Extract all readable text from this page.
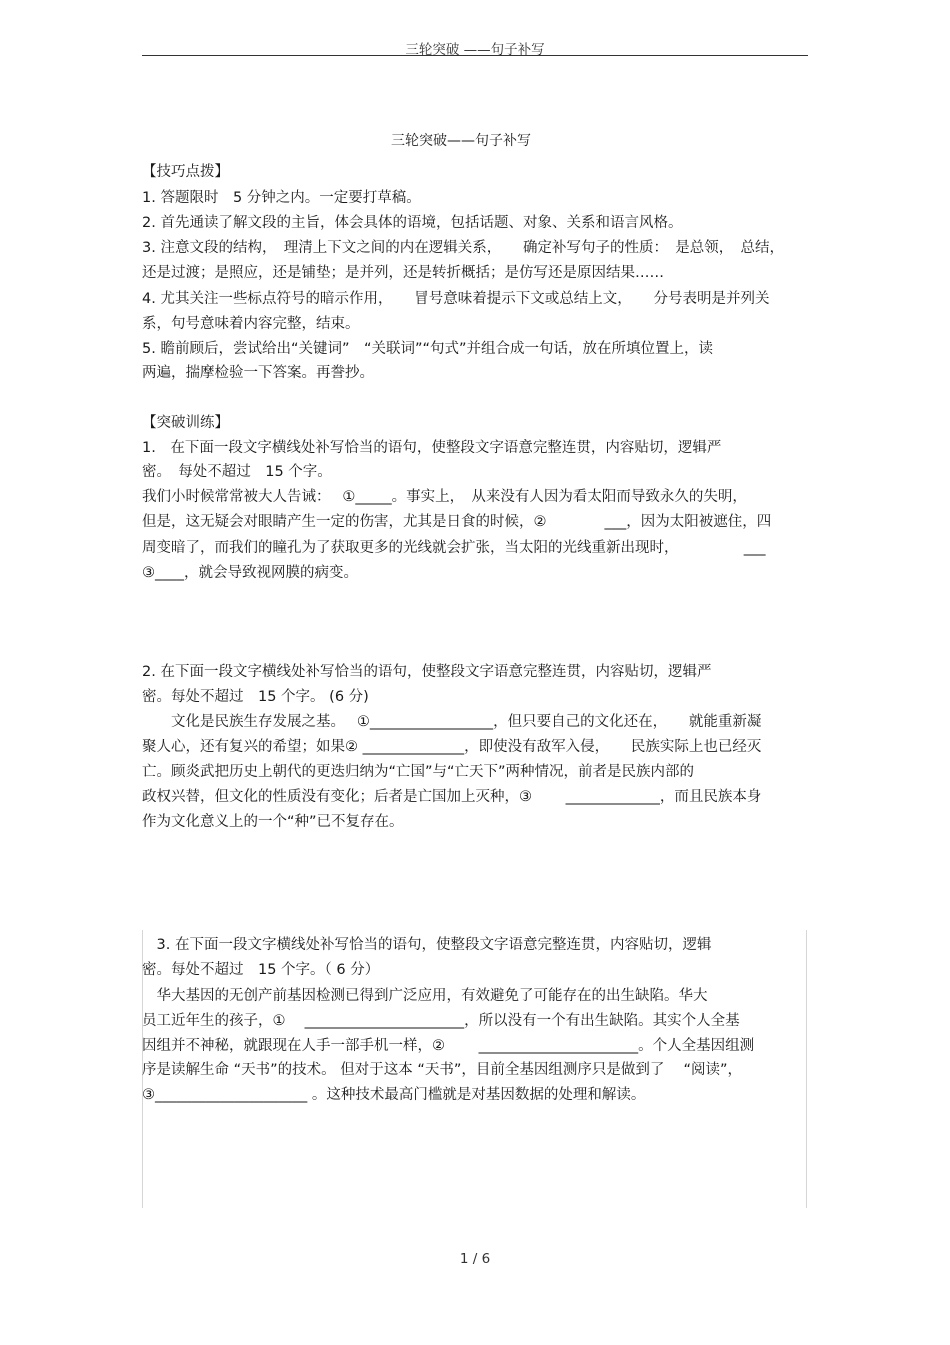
三轮突破 ——句子补写
三轮突破——句子补写
【技巧点拨】
1. 答题限时　5 分钟之内。一定要打草稿。
2. 首先通读了解文段的主旨，体会具体的语境，包括话题、对象、关系和语言风格。
3. 注意文段的结构，　理清上下文之间的内在逻辑关系，　　确定补写句子的性质：　是总领，　总结，
还是过渡；是照应，还是铺垫；是并列，还是转折概括；是仿写还是原因结果……
4. 尤其关注一些标点符号的暗示作用，　　冒号意味着提示下文或总结上文，　　分号表明是并列关
系，句号意味着内容完整，结束。
5. 瞻前顾后，尝试给出“关键词”　“关联词”“句式”并组合成一句话，放在所填位置上，读
两遍，揣摩检验一下答案。再誊抄。
【突破训练】
1.　在下面一段文字横线处补写恰当的语句，使整段文字语意完整连贯，内容贴切，逻辑严
密。　每处不超过　15 个字。
我们小时候常常被大人告诫：　 ①_____。事实上，　从来没有人因为看太阳而导致永久的失明，
但是，这无疑会对眼睛产生一定的伤害，尤其是日食的时候，②　　　　___，因为太阳被遮住，四
周变暗了，而我们的瞳孔为了获取更多的光线就会扩张，当太阳的光线重新出现时，　　　　　___
③____，就会导致视网膜的病变。
2. 在下面一段文字横线处补写恰当的语句，使整段文字语意完整连贯，内容贴切，逻辑严
密。每处不超过　15 个字。 (6 分)
　　文化是民族生存发展之基。　 ①_________________，但只要自己的文化还在，　　就能重新凝
聚人心，还有复兴的希望；如果② ______________，即使没有敌军入侵，　　民族实际上也已经灭
亡。顾炎武把历史上朝代的更迭归纳为“亡国”与“亡天下”两种情况，前者是民族内部的
政权兴替，但文化的性质没有变化；后者是亡国加上灭种，③　　 _____________，而且民族本身
作为文化意义上的一个“种”已不复存在。
　3. 在下面一段文字横线处补写恰当的语句，使整段文字语意完整连贯，内容贴切，逻辑
密。每处不超过　15 个字。（ 6 分）
　华大基因的无创产前基因检测已得到广泛应用，有效避免了可能存在的出生缺陷。华大
员工近年生的孩子，①　 ______________________，所以没有一个有出生缺陷。其实个人全基
因组并不神秘，就跟现在人手一部手机一样，②　　 ______________________。个人全基因组测
序是读解生命 “天书”的技术。 但对于这本 “天书”，目前全基因组测序只是做到了　 “阅读”，
③_____________________ 。这种技术最高门槛就是对基因数据的处理和解读。
1 / 6
